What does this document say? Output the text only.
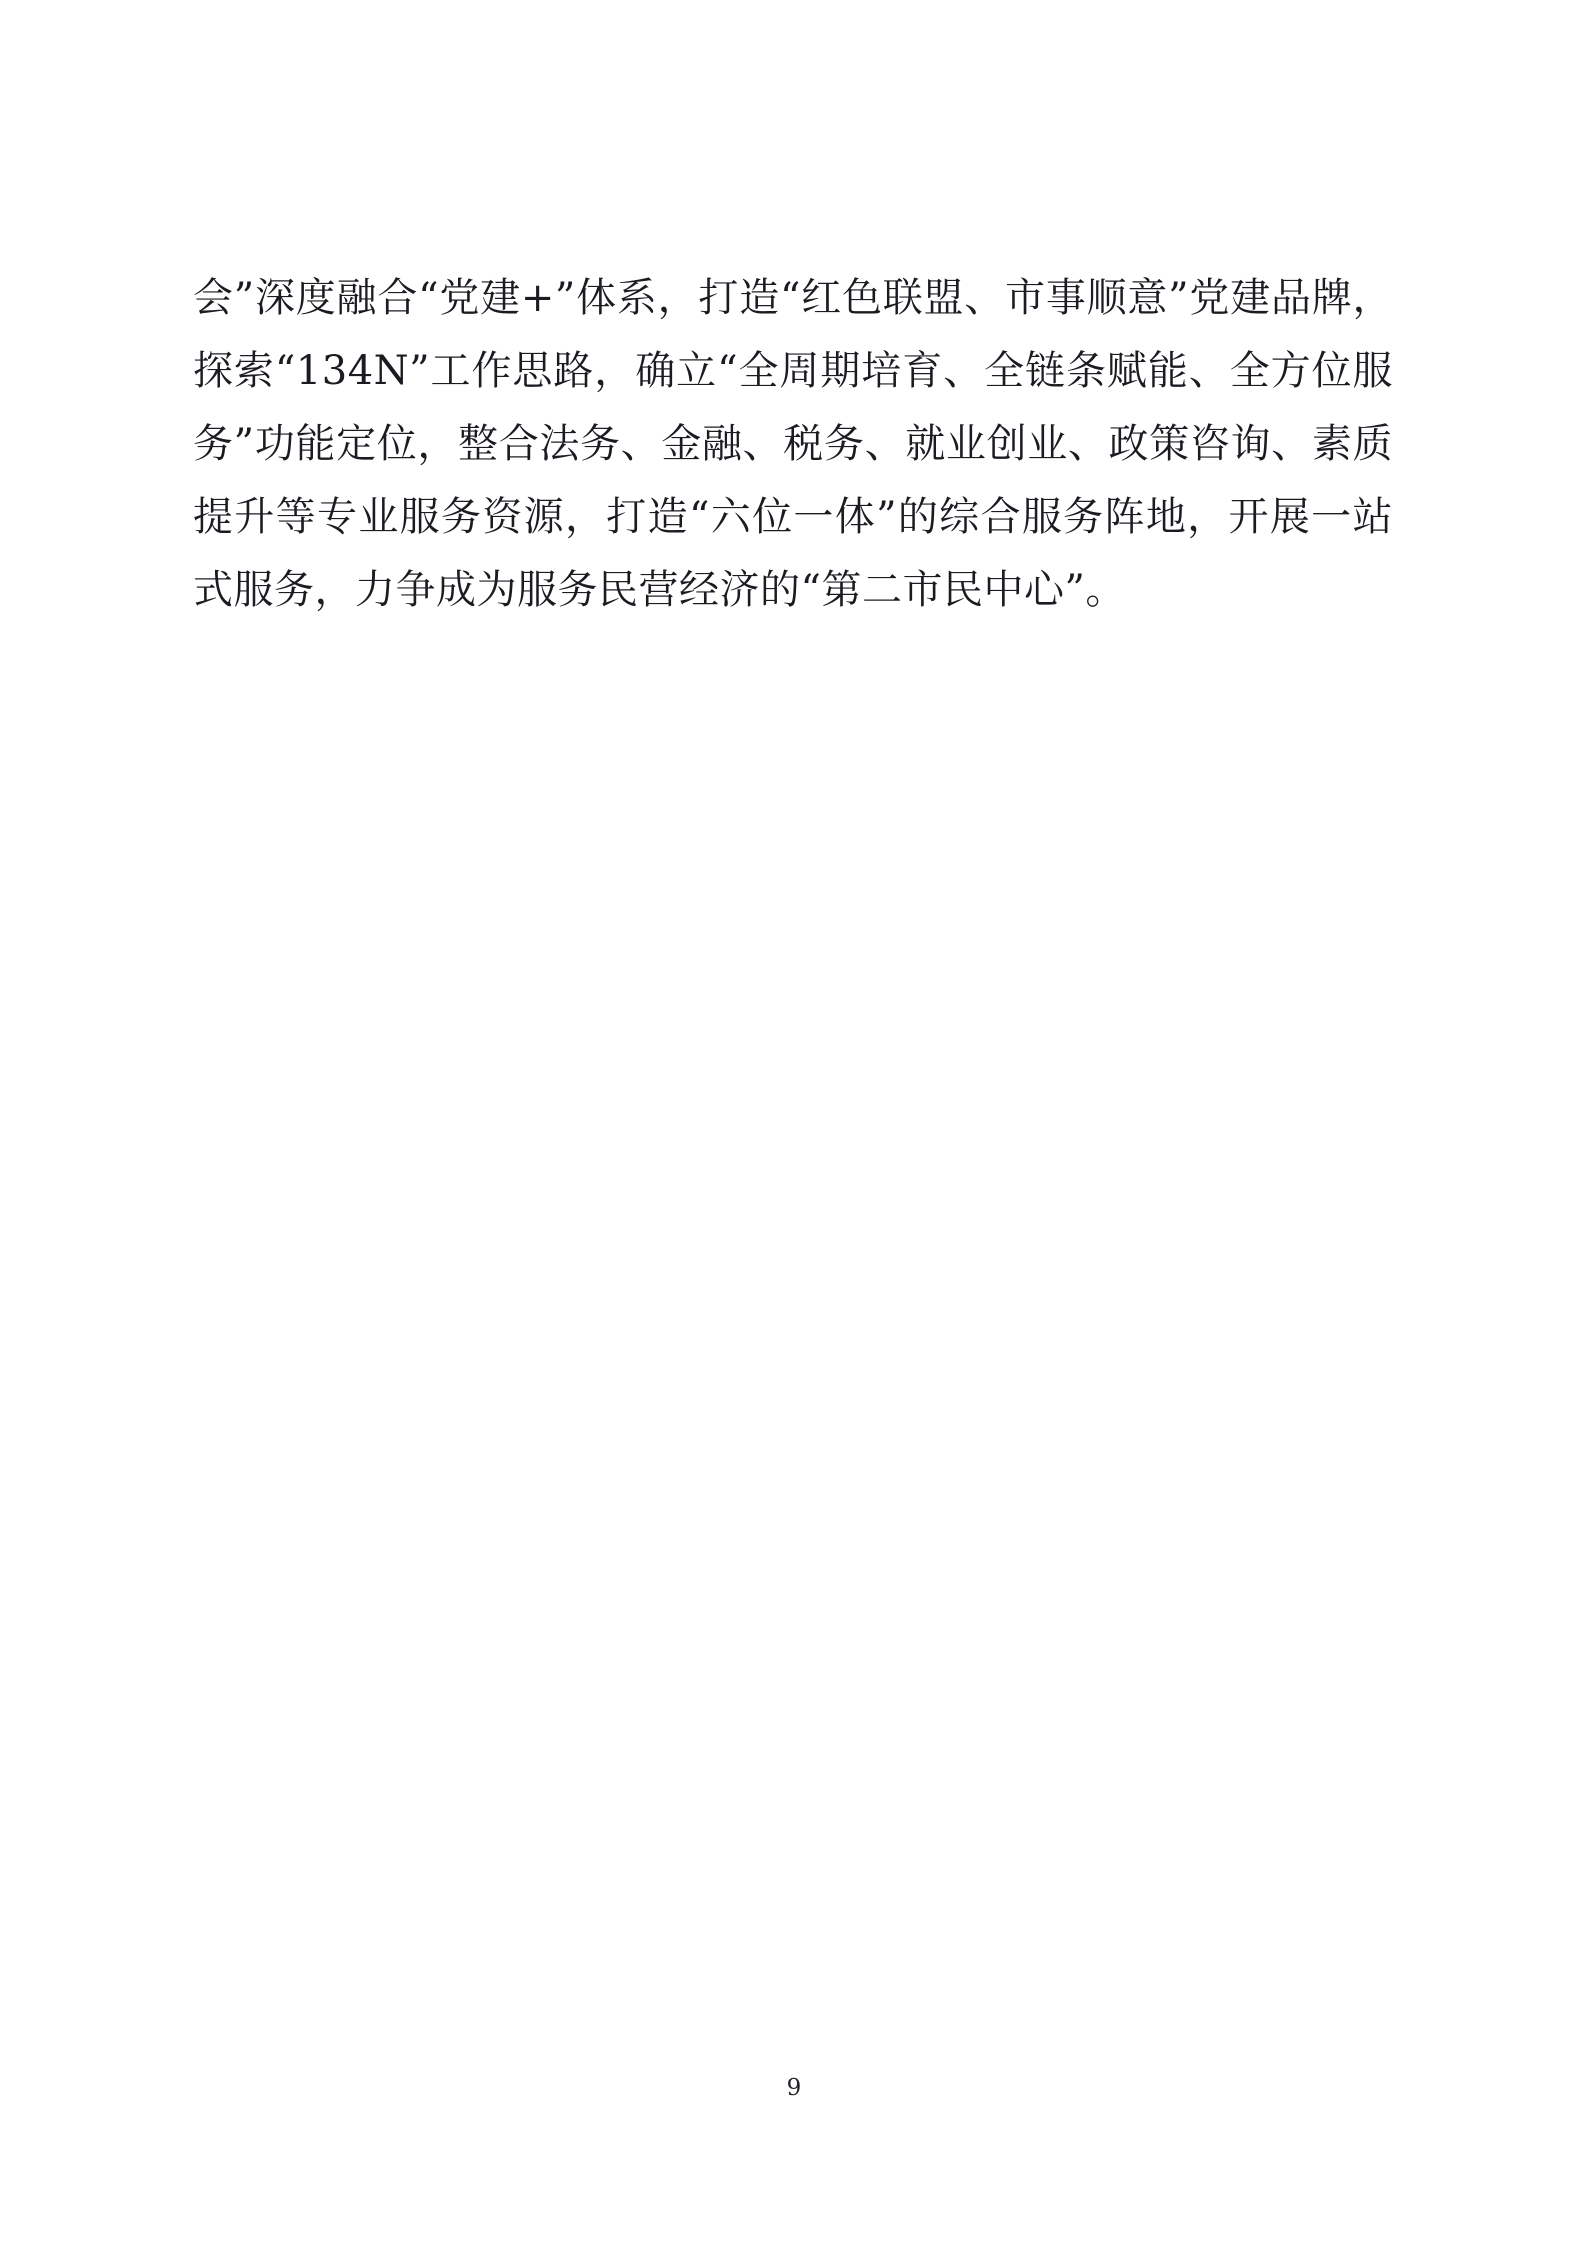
会”深度融合“党建+”体系，打造“红色联盟、市事顺意”党建品牌，探索“134N”工作思路，确立“全周期培育、全链条赋能、全方位服务”功能定位，整合法务、金融、税务、就业创业、政策咨询、素质提升等专业服务资源，打造“六位一体”的综合服务阵地，开展一站式服务，力争成为服务民营经济的“第二市民中心”。
9
